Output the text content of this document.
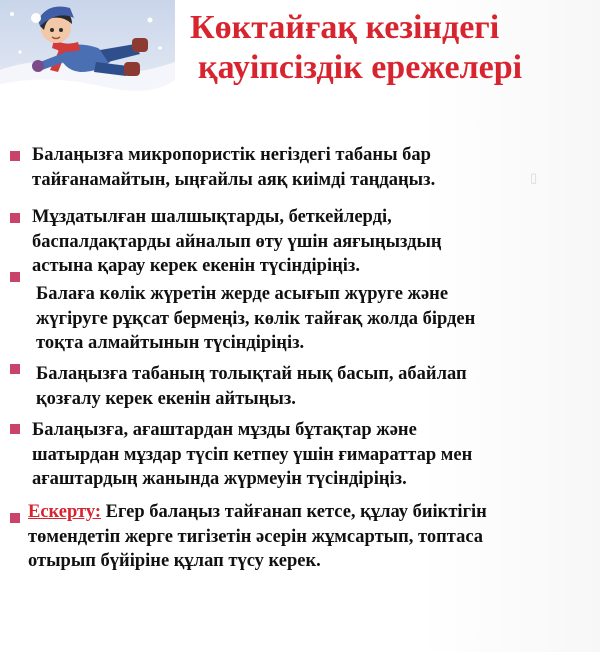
Көктайғақ кезіндегі
қауіпсіздік ережелері
▯

Балаңызға микропористік негіздегі табаны бар
тайғанамайтын, ыңғайлы аяқ киімді таңдаңыз.

Мұздатылған шалшықтарды, беткейлерді,
баспалдақтарды айналып өту үшін аяғыңыздың
астына қарау керек екенін түсіндіріңіз.

Балаға көлік жүретін жерде асығып жүруге және
жүгіруге рұқсат бермеңіз, көлік тайғақ жолда бірден
тоқта алмайтынын түсіндіріңіз.

Балаңызға табаның толықтай нық басып, абайлап
қозғалу керек екенін айтыңыз.

Балаңызға, ағаштардан мұзды бұтақтар және
шатырдан мұздар түсіп кетпеу үшін ғимараттар мен
ағаштардың жанында жүрмеуін түсіндіріңіз.

Ескерту: Егер балаңыз тайғанап кетсе, құлау биіктігін
төмендетіп жерге тигізетін әсерін жұмсартып, топтаса
отырып бүйіріне құлап түсу керек.
